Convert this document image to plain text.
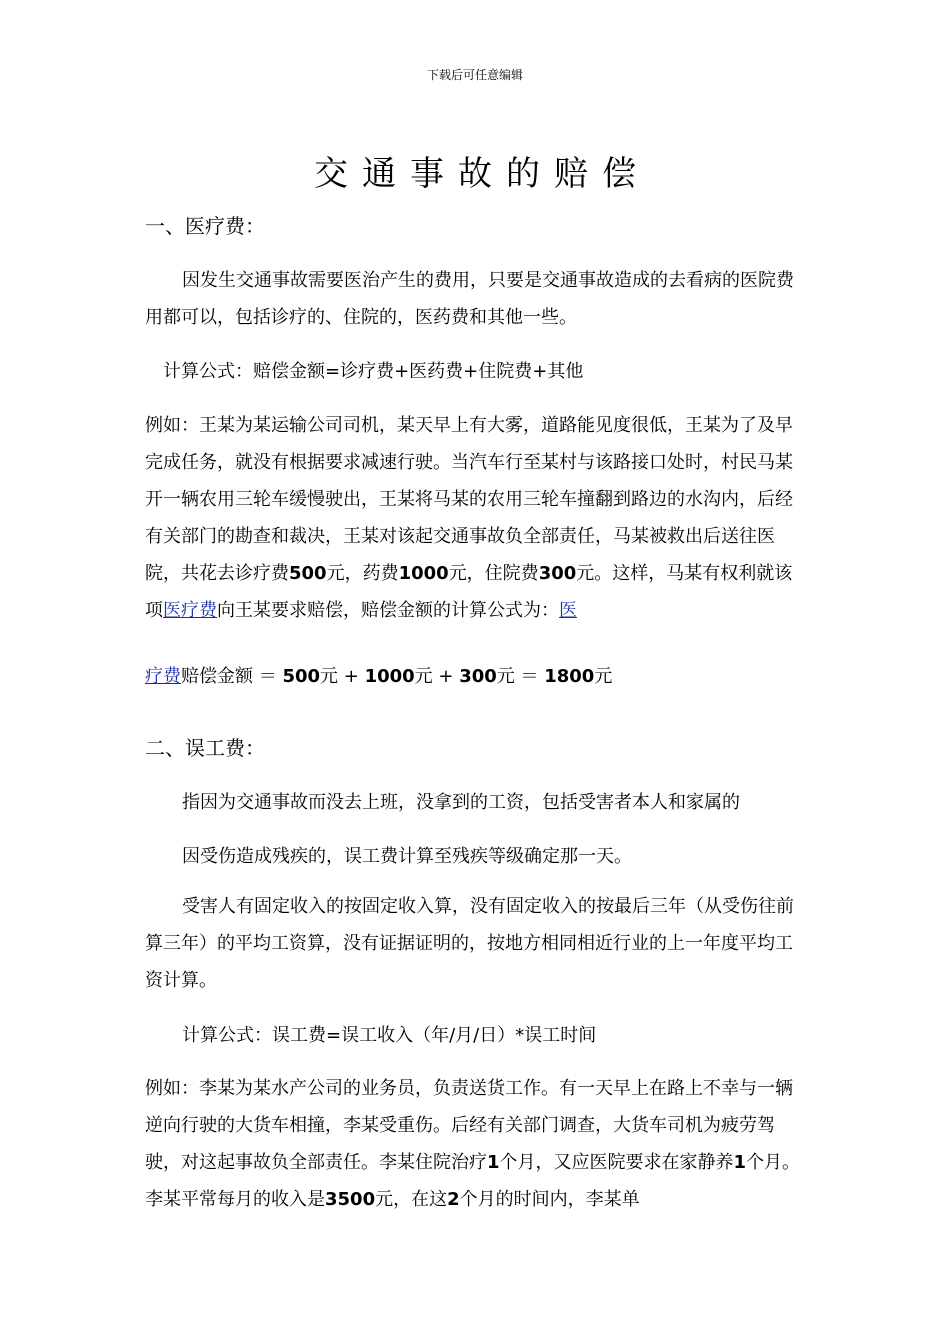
下载后可任意编辑
交通事故的赔偿
一、医疗费：
因发生交通事故需要医治产生的费用，只要是交通事故造成的去看病的医院费用都可以，包括诊疗的、住院的，医药费和其他一些。
计算公式：赔偿金额=诊疗费+医药费+住院费+其他
例如：王某为某运输公司司机，某天早上有大雾，道路能见度很低，王某为了及早完成任务，就没有根据要求减速行驶。当汽车行至某村与该路接口处时，村民马某开一辆农用三轮车缓慢驶出，王某将马某的农用三轮车撞翻到路边的水沟内，后经有关部门的勘查和裁决，王某对该起交通事故负全部责任，马某被救出后送往医院，共花去诊疗费500元，药费1000元，住院费300元。这样，马某有权利就该项医疗费向王某要求赔偿，赔偿金额的计算公式为：医
疗费赔偿金额 ＝ 500元 + 1000元 + 300元 ＝ 1800元
二、误工费：
指因为交通事故而没去上班，没拿到的工资，包括受害者本人和家属的
因受伤造成残疾的，误工费计算至残疾等级确定那一天。
受害人有固定收入的按固定收入算，没有固定收入的按最后三年（从受伤往前算三年）的平均工资算，没有证据证明的，按地方相同相近行业的上一年度平均工资计算。
计算公式：误工费=误工收入（年/月/日）*误工时间
例如：李某为某水产公司的业务员，负责送货工作。有一天早上在路上不幸与一辆逆向行驶的大货车相撞，李某受重伤。后经有关部门调查，大货车司机为疲劳驾驶，对这起事故负全部责任。李某住院治疗1个月，又应医院要求在家静养1个月。李某平常每月的收入是3500元，在这2个月的时间内，李某单
